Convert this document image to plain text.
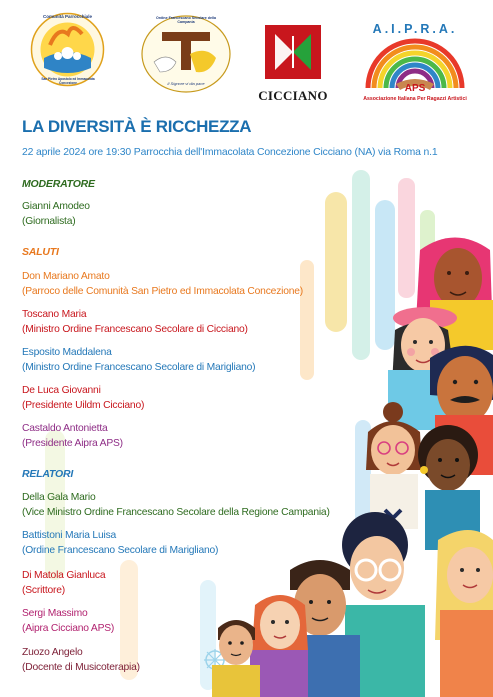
Comunità Parrocchiale
San Pietro Apostolo ed Immacolata Concezione
Ordine Francescano Secolare della Campania
Il Signore vi dia pace
UILDM
CICCIANO
A.I.P.R.A.
APS
Associazione Italiana Per Ragazzi Artistici
LA DIVERSITÀ È RICCHEZZA
22 aprile 2024 ore 19:30 Parrocchia dell'Immacolata Concezione Cicciano (NA) via Roma n.1
MODERATORE
Gianni Amodeo
(Giornalista)
SALUTI
Don Mariano Amato
(Parroco delle Comunità San Pietro ed Immacolata Concezione)
Toscano Maria
(Ministro Ordine Francescano Secolare di Cicciano)
Esposito Maddalena
(Ministro Ordine Francescano Secolare di Marigliano)
De Luca Giovanni
(Presidente Uildm Cicciano)
Castaldo Antonietta
(Presidente Aipra APS)
RELATORI
Della Gala Mario
(Vice Ministro Ordine Francescano Secolare della Regione Campania)
Battistoni Maria Luisa
(Ordine Francescano Secolare di Marigliano)
Di Matola Gianluca
(Scrittore)
Sergi Massimo
(Aipra Cicciano APS)
Zuozo Angelo
(Docente di Musicoterapia)
